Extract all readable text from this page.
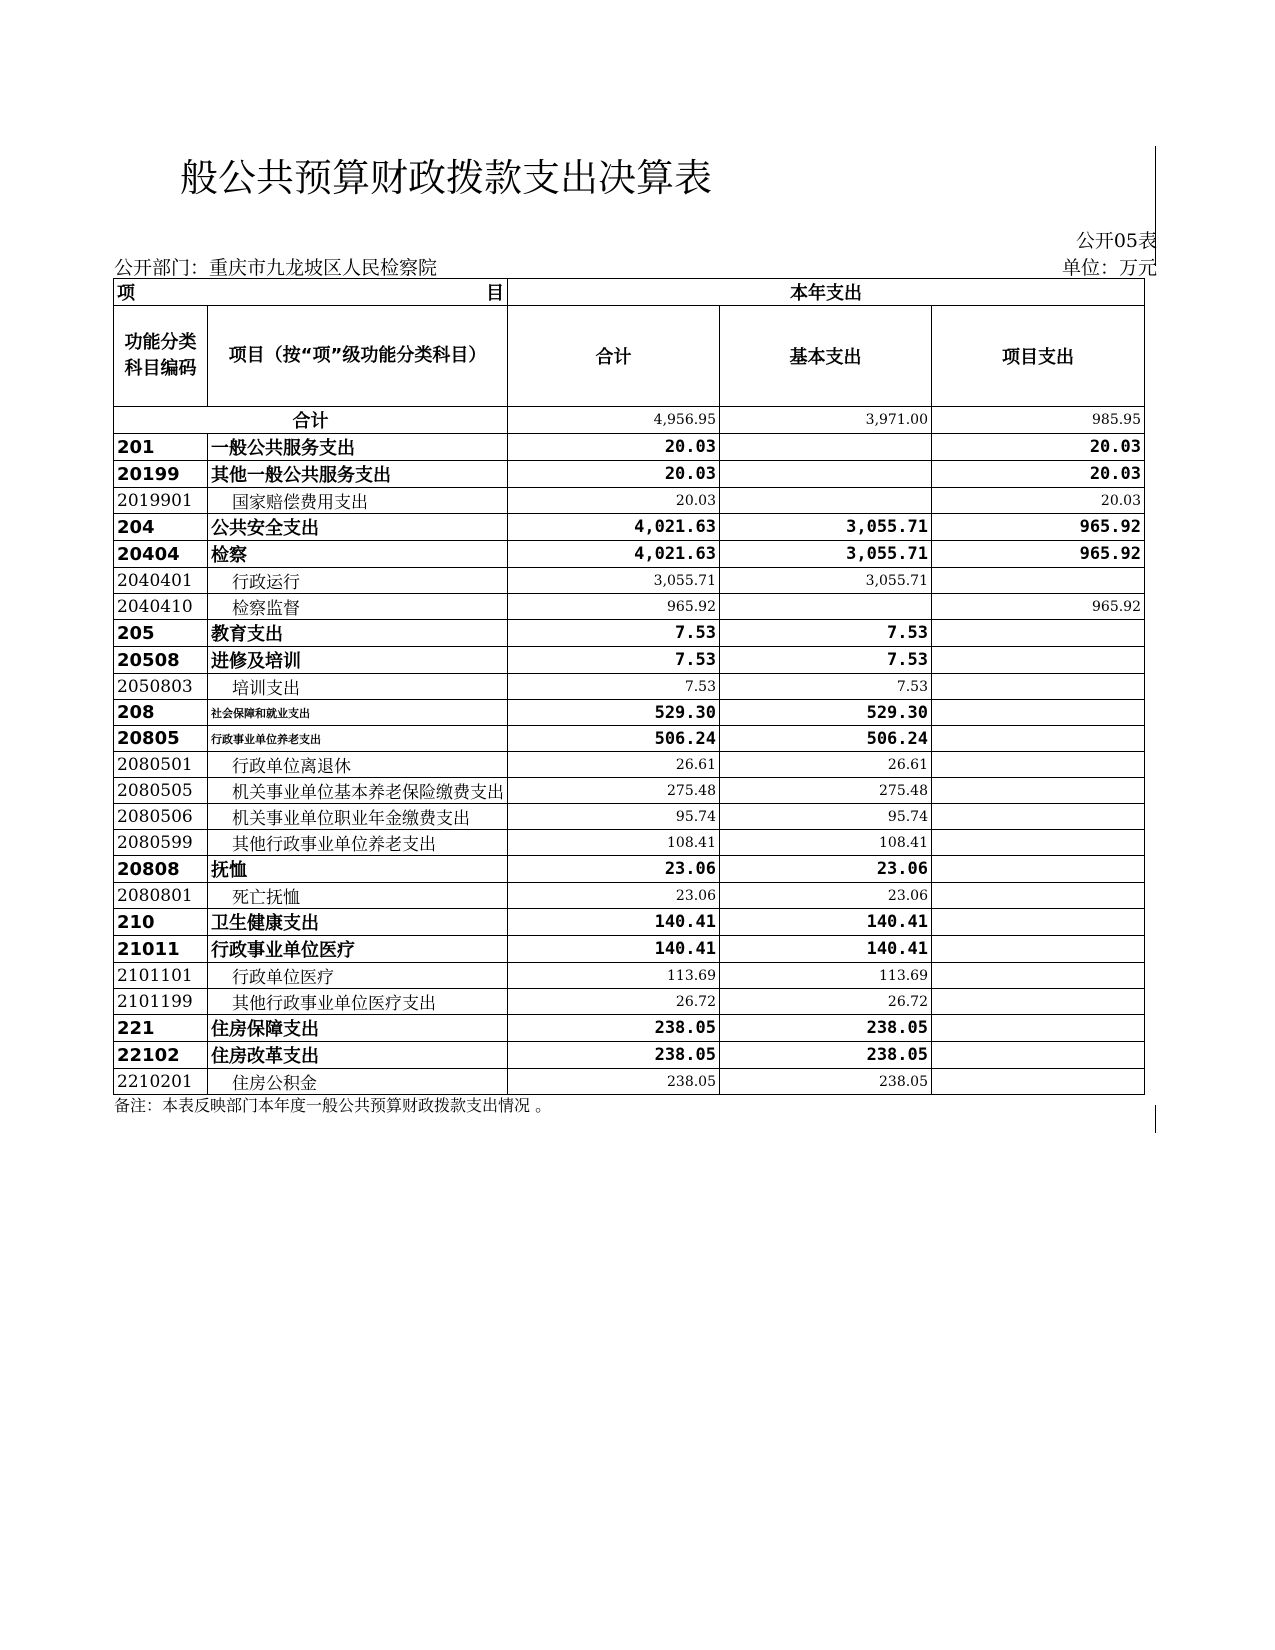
般公共预算财政拨款支出决算表
公开05表
公开部门：重庆市九龙坡区人民检察院	单位：万元
项 目		本年支出		
功能分类科目编码	项目（按“项”级功能分类科目）	合计	基本支出	项目支出
合计		4,956.95	3,971.00	985.95
201	一般公共服务支出	20.03		20.03
20199	其他一般公共服务支出	20.03		20.03
2019901	国家赔偿费用支出	20.03		20.03
204	公共安全支出	4,021.63	3,055.71	965.92
20404	检察	4,021.63	3,055.71	965.92
2040401	行政运行	3,055.71	3,055.71	
2040410	检察监督	965.92		965.92
205	教育支出	7.53	7.53	
20508	进修及培训	7.53	7.53	
2050803	培训支出	7.53	7.53	
208	社会保障和就业支出	529.30	529.30	
20805	行政事业单位养老支出	506.24	506.24	
2080501	行政单位离退休	26.61	26.61	
2080505	机关事业单位基本养老保险缴费支出	275.48	275.48	
2080506	机关事业单位职业年金缴费支出	95.74	95.74	
2080599	其他行政事业单位养老支出	108.41	108.41	
20808	抚恤	23.06	23.06	
2080801	死亡抚恤	23.06	23.06	
210	卫生健康支出	140.41	140.41	
21011	行政事业单位医疗	140.41	140.41	
2101101	行政单位医疗	113.69	113.69	
2101199	其他行政事业单位医疗支出	26.72	26.72	
221	住房保障支出	238.05	238.05	
22102	住房改革支出	238.05	238.05	
2210201	住房公积金	238.05	238.05	
备注：本表反映部门本年度一般公共预算财政拨款支出情况 。
